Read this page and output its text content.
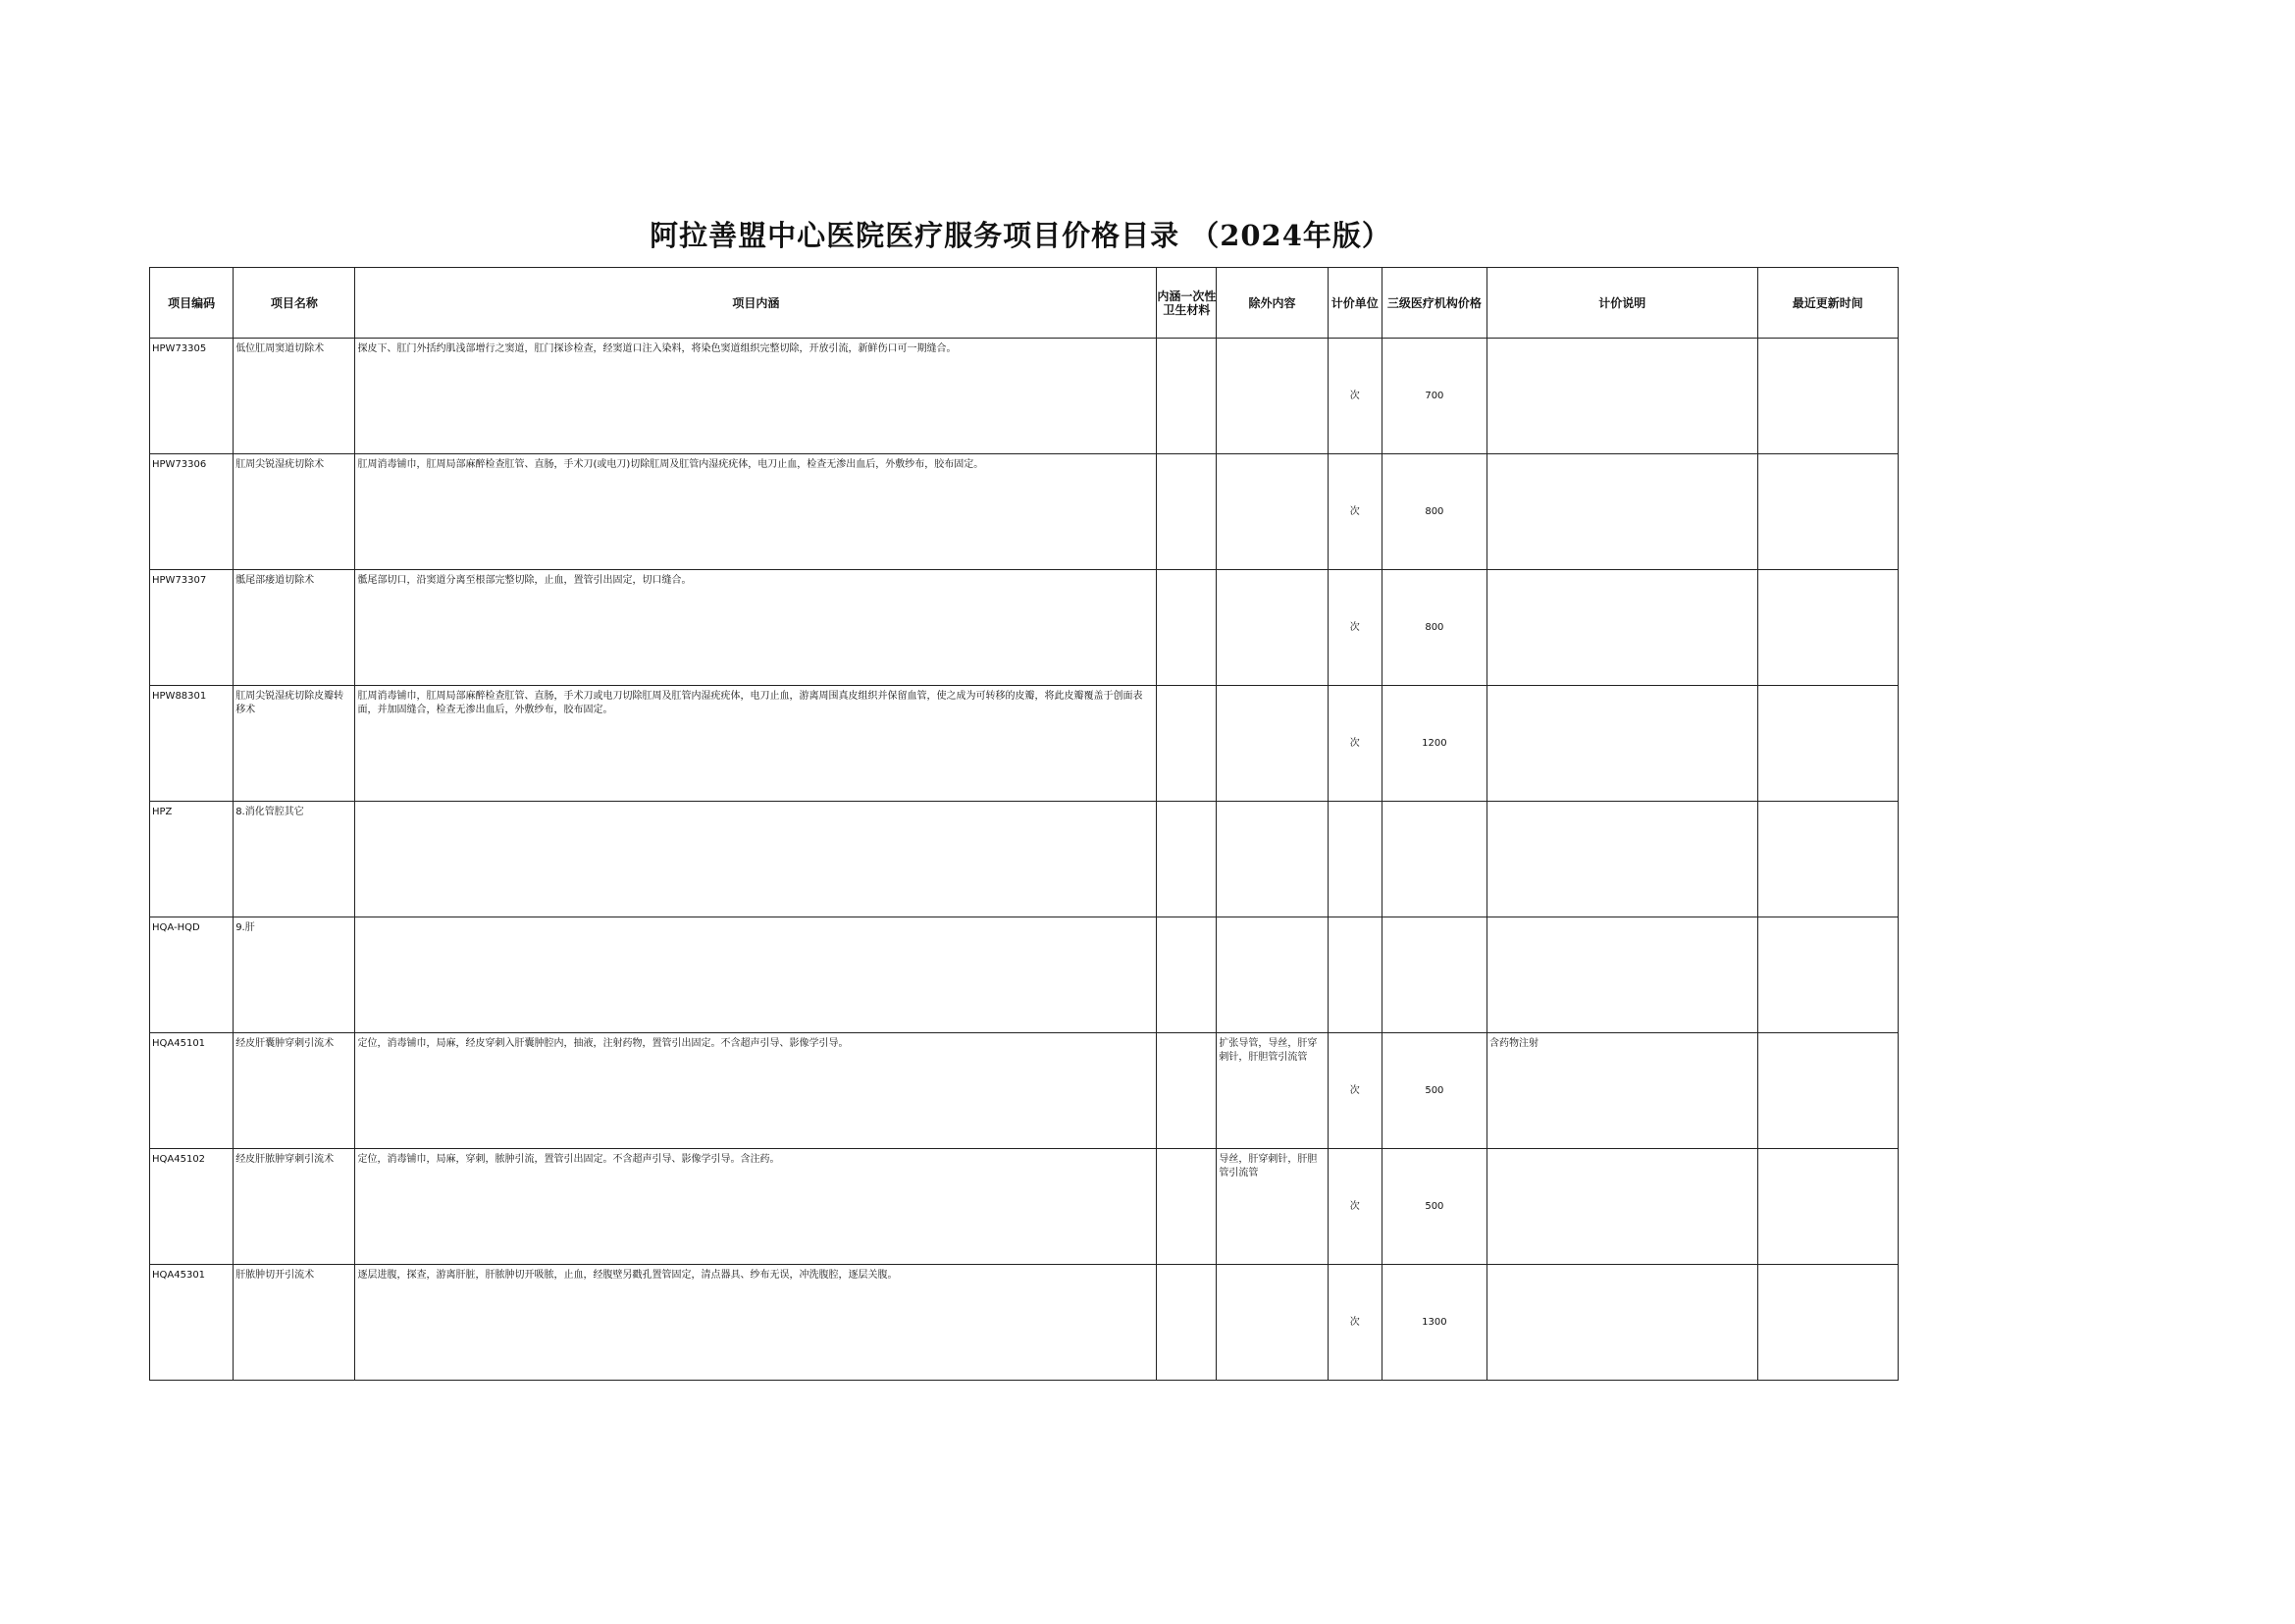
阿拉善盟中心医院医疗服务项目价格目录 （2024年版）
项目编码	项目名称	项目内涵	内涵一次性卫生材料	除外内容	计价单位	三级医疗机构价格	计价说明	最近更新时间
HPW73305	低位肛周窦道切除术	探皮下、肛门外括约肌浅部增行之窦道，肛门探诊检查，经窦道口注入染料，将染色窦道组织完整切除，开放引流，新鲜伤口可一期缝合。			次	700		
HPW73306	肛周尖锐湿疣切除术	肛周消毒铺巾，肛周局部麻醉检查肛管、直肠，手术刀(或电刀)切除肛周及肛管内湿疣疣体，电刀止血，检查无渗出血后，外敷纱布，胶布固定。			次	800		
HPW73307	骶尾部瘘道切除术	骶尾部切口，沿窦道分离至根部完整切除，止血，置管引出固定，切口缝合。			次	800		
HPW88301	肛周尖锐湿疣切除皮瓣转移术	肛周消毒铺巾，肛周局部麻醉检查肛管、直肠，手术刀或电刀切除肛周及肛管内湿疣疣体，电刀止血，游离周围真皮组织并保留血管，使之成为可转移的皮瓣，将此皮瓣覆盖于创面表面，并加固缝合，检查无渗出血后，外敷纱布，胶布固定。			次	1200		
HPZ	8.消化管腔其它							
HQA-HQD	9.肝							
HQA45101	经皮肝囊肿穿刺引流术	定位，消毒铺巾，局麻，经皮穿刺入肝囊肿腔内，抽液，注射药物，置管引出固定。不含超声引导、影像学引导。		扩张导管，导丝，肝穿刺针，肝胆管引流管	次	500	含药物注射	
HQA45102	经皮肝脓肿穿刺引流术	定位，消毒铺巾，局麻，穿刺，脓肿引流，置管引出固定。不含超声引导、影像学引导。含注药。		导丝，肝穿刺针，肝胆管引流管	次	500		
HQA45301	肝脓肿切开引流术	逐层进腹，探查，游离肝脏，肝脓肿切开吸脓，止血，经腹壁另戳孔置管固定，清点器具、纱布无误，冲洗腹腔，逐层关腹。			次	1300		
